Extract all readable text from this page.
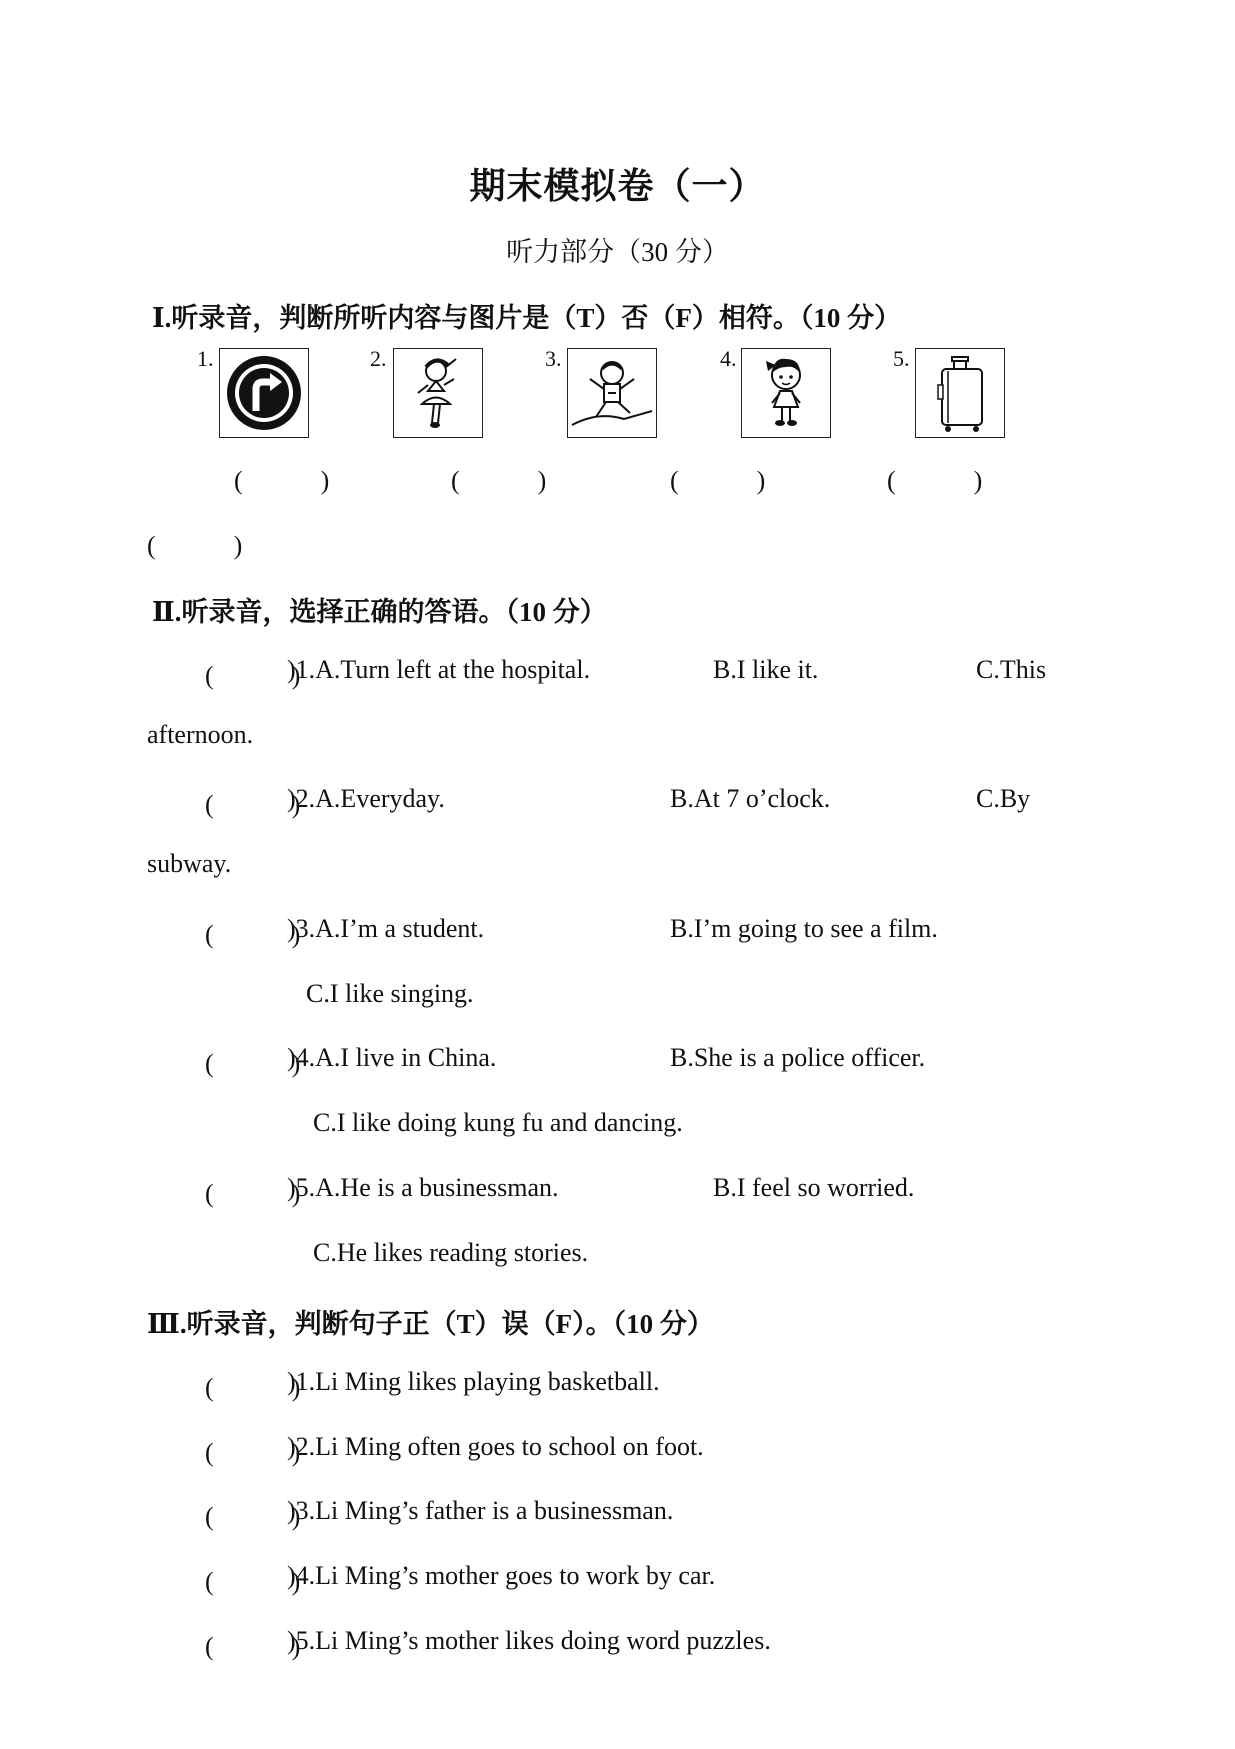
期末模拟卷（一）
听力部分（30 分）
Ⅰ.听录音，判断所听内容与图片是（T）否（F）相符。（10 分）
1.	2.	3.	4.	5.
(　　　)	(　　　)	(　　　)	(　　　)
(　　　)
Ⅱ.听录音，选择正确的答语。（10 分）
(　　　)
)1.A.Turn left at the hospital.	B.I like it.	C.This
afternoon.
(　　　)
)2.A.Everyday.	B.At 7 o’clock.	C.By
subway.
(　　　)
)3.A.I’m a student.	B.I’m going to see a film.
C.I like singing.
(　　　)
)4.A.I live in China.	B.She is a police officer.
C.I like doing kung fu and dancing.
(　　　)
)5.A.He is a businessman.	B.I feel so worried.
C.He likes reading stories.
Ⅲ.听录音，判断句子正（T）误（F）。（10 分）
(　　　)
)1.Li Ming likes playing basketball.
(　　　)
)2.Li Ming often goes to school on foot.
(　　　)
)3.Li Ming’s father is a businessman.
(　　　)
)4.Li Ming’s mother goes to work by car.
(　　　)
)5.Li Ming’s mother likes doing word puzzles.
